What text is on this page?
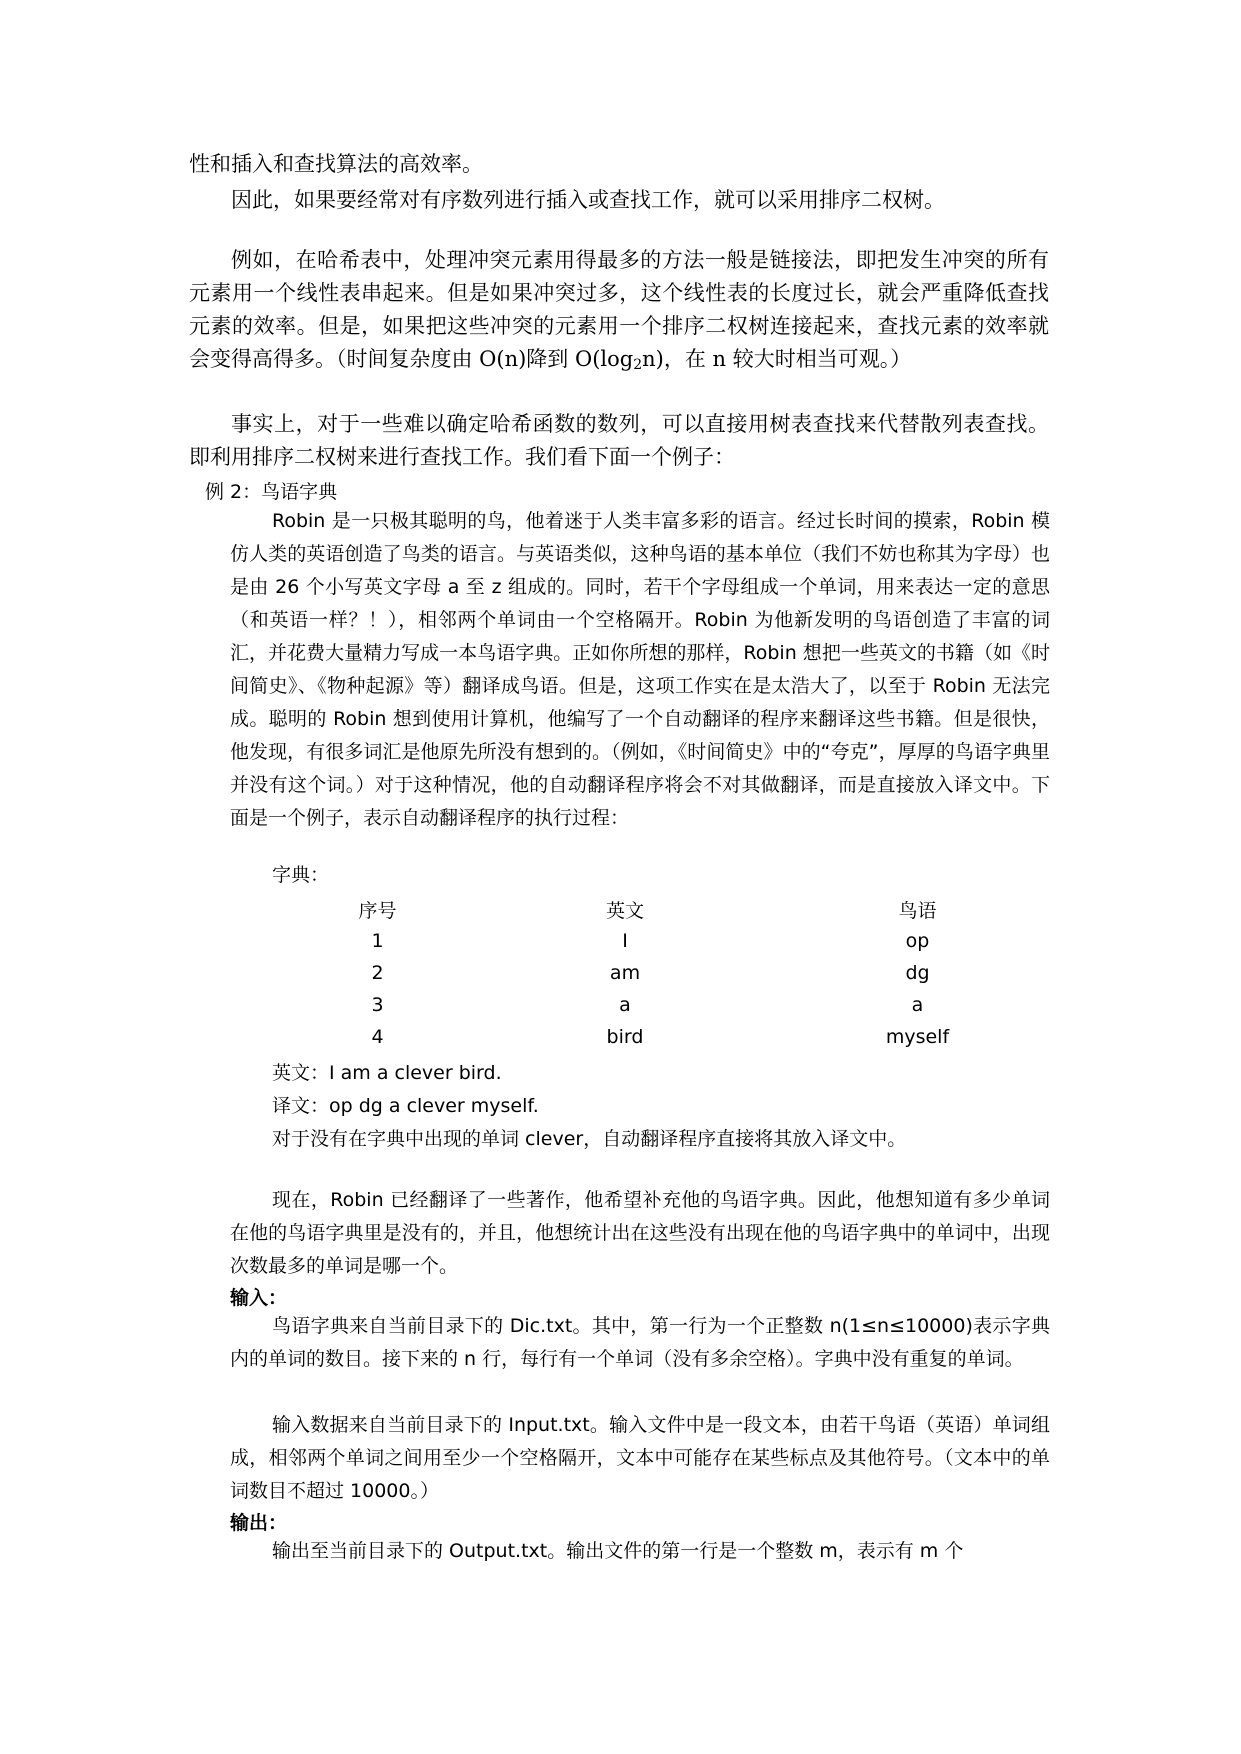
性和插入和查找算法的高效率。
因此，如果要经常对有序数列进行插入或查找工作，就可以采用排序二权树。
例如，在哈希表中，处理冲突元素用得最多的方法一般是链接法，即把发生冲突的所有元素用一个线性表串起来。但是如果冲突过多，这个线性表的长度过长，就会严重降低查找元素的效率。但是，如果把这些冲突的元素用一个排序二权树连接起来，查找元素的效率就会变得高得多。（时间复杂度由 O(n)降到 $O(\log_2n)$，在 n 较大时相当可观。）
事实上，对于一些难以确定哈希函数的数列，可以直接用树表查找来代替散列表查找。即利用排序二权树来进行查找工作。我们看下面一个例子：
例 2：鸟语字典
Robin 是一只极其聪明的鸟，他着迷于人类丰富多彩的语言。经过长时间的摸索，Robin 模仿人类的英语创造了鸟类的语言。与英语类似，这种鸟语的基本单位（我们不妨也称其为字母）也是由 26 个小写英文字母 a 至 z 组成的。同时，若干个字母组成一个单词，用来表达一定的意思（和英语一样？！），相邻两个单词由一个空格隔开。Robin 为他新发明的鸟语创造了丰富的词汇，并花费大量精力写成一本鸟语字典。正如你所想的那样，Robin 想把一些英文的书籍（如《时间简史》、《物种起源》等）翻译成鸟语。但是，这项工作实在是太浩大了，以至于 Robin 无法完成。聪明的 Robin 想到使用计算机，他编写了一个自动翻译的程序来翻译这些书籍。但是很快，他发现，有很多词汇是他原先所没有想到的。（例如，《时间简史》中的“夸克”，厚厚的鸟语字典里并没有这个词。）对于这种情况，他的自动翻译程序将会不对其做翻译，而是直接放入译文中。下面是一个例子，表示自动翻译程序的执行过程：
字典：
序号	英文	鸟语
1	I	op
2	am	dg
3	a	a
4	bird	myself
英文：I am a clever bird.
译文：op dg a clever myself.
对于没有在字典中出现的单词 clever，自动翻译程序直接将其放入译文中。
现在，Robin 已经翻译了一些著作，他希望补充他的鸟语字典。因此，他想知道有多少单词在他的鸟语字典里是没有的，并且，他想统计出在这些没有出现在他的鸟语字典中的单词中，出现次数最多的单词是哪一个。
输入：
鸟语字典来自当前目录下的 Dic.txt。其中，第一行为一个正整数 n(1≤n≤10000)表示字典内的单词的数目。接下来的 n 行，每行有一个单词（没有多余空格）。字典中没有重复的单词。
输入数据来自当前目录下的 Input.txt。输入文件中是一段文本，由若干鸟语（英语）单词组成，相邻两个单词之间用至少一个空格隔开，文本中可能存在某些标点及其他符号。（文本中的单词数目不超过 10000。）
输出：
输出至当前目录下的 Output.txt。输出文件的第一行是一个整数 m，表示有 m 个
